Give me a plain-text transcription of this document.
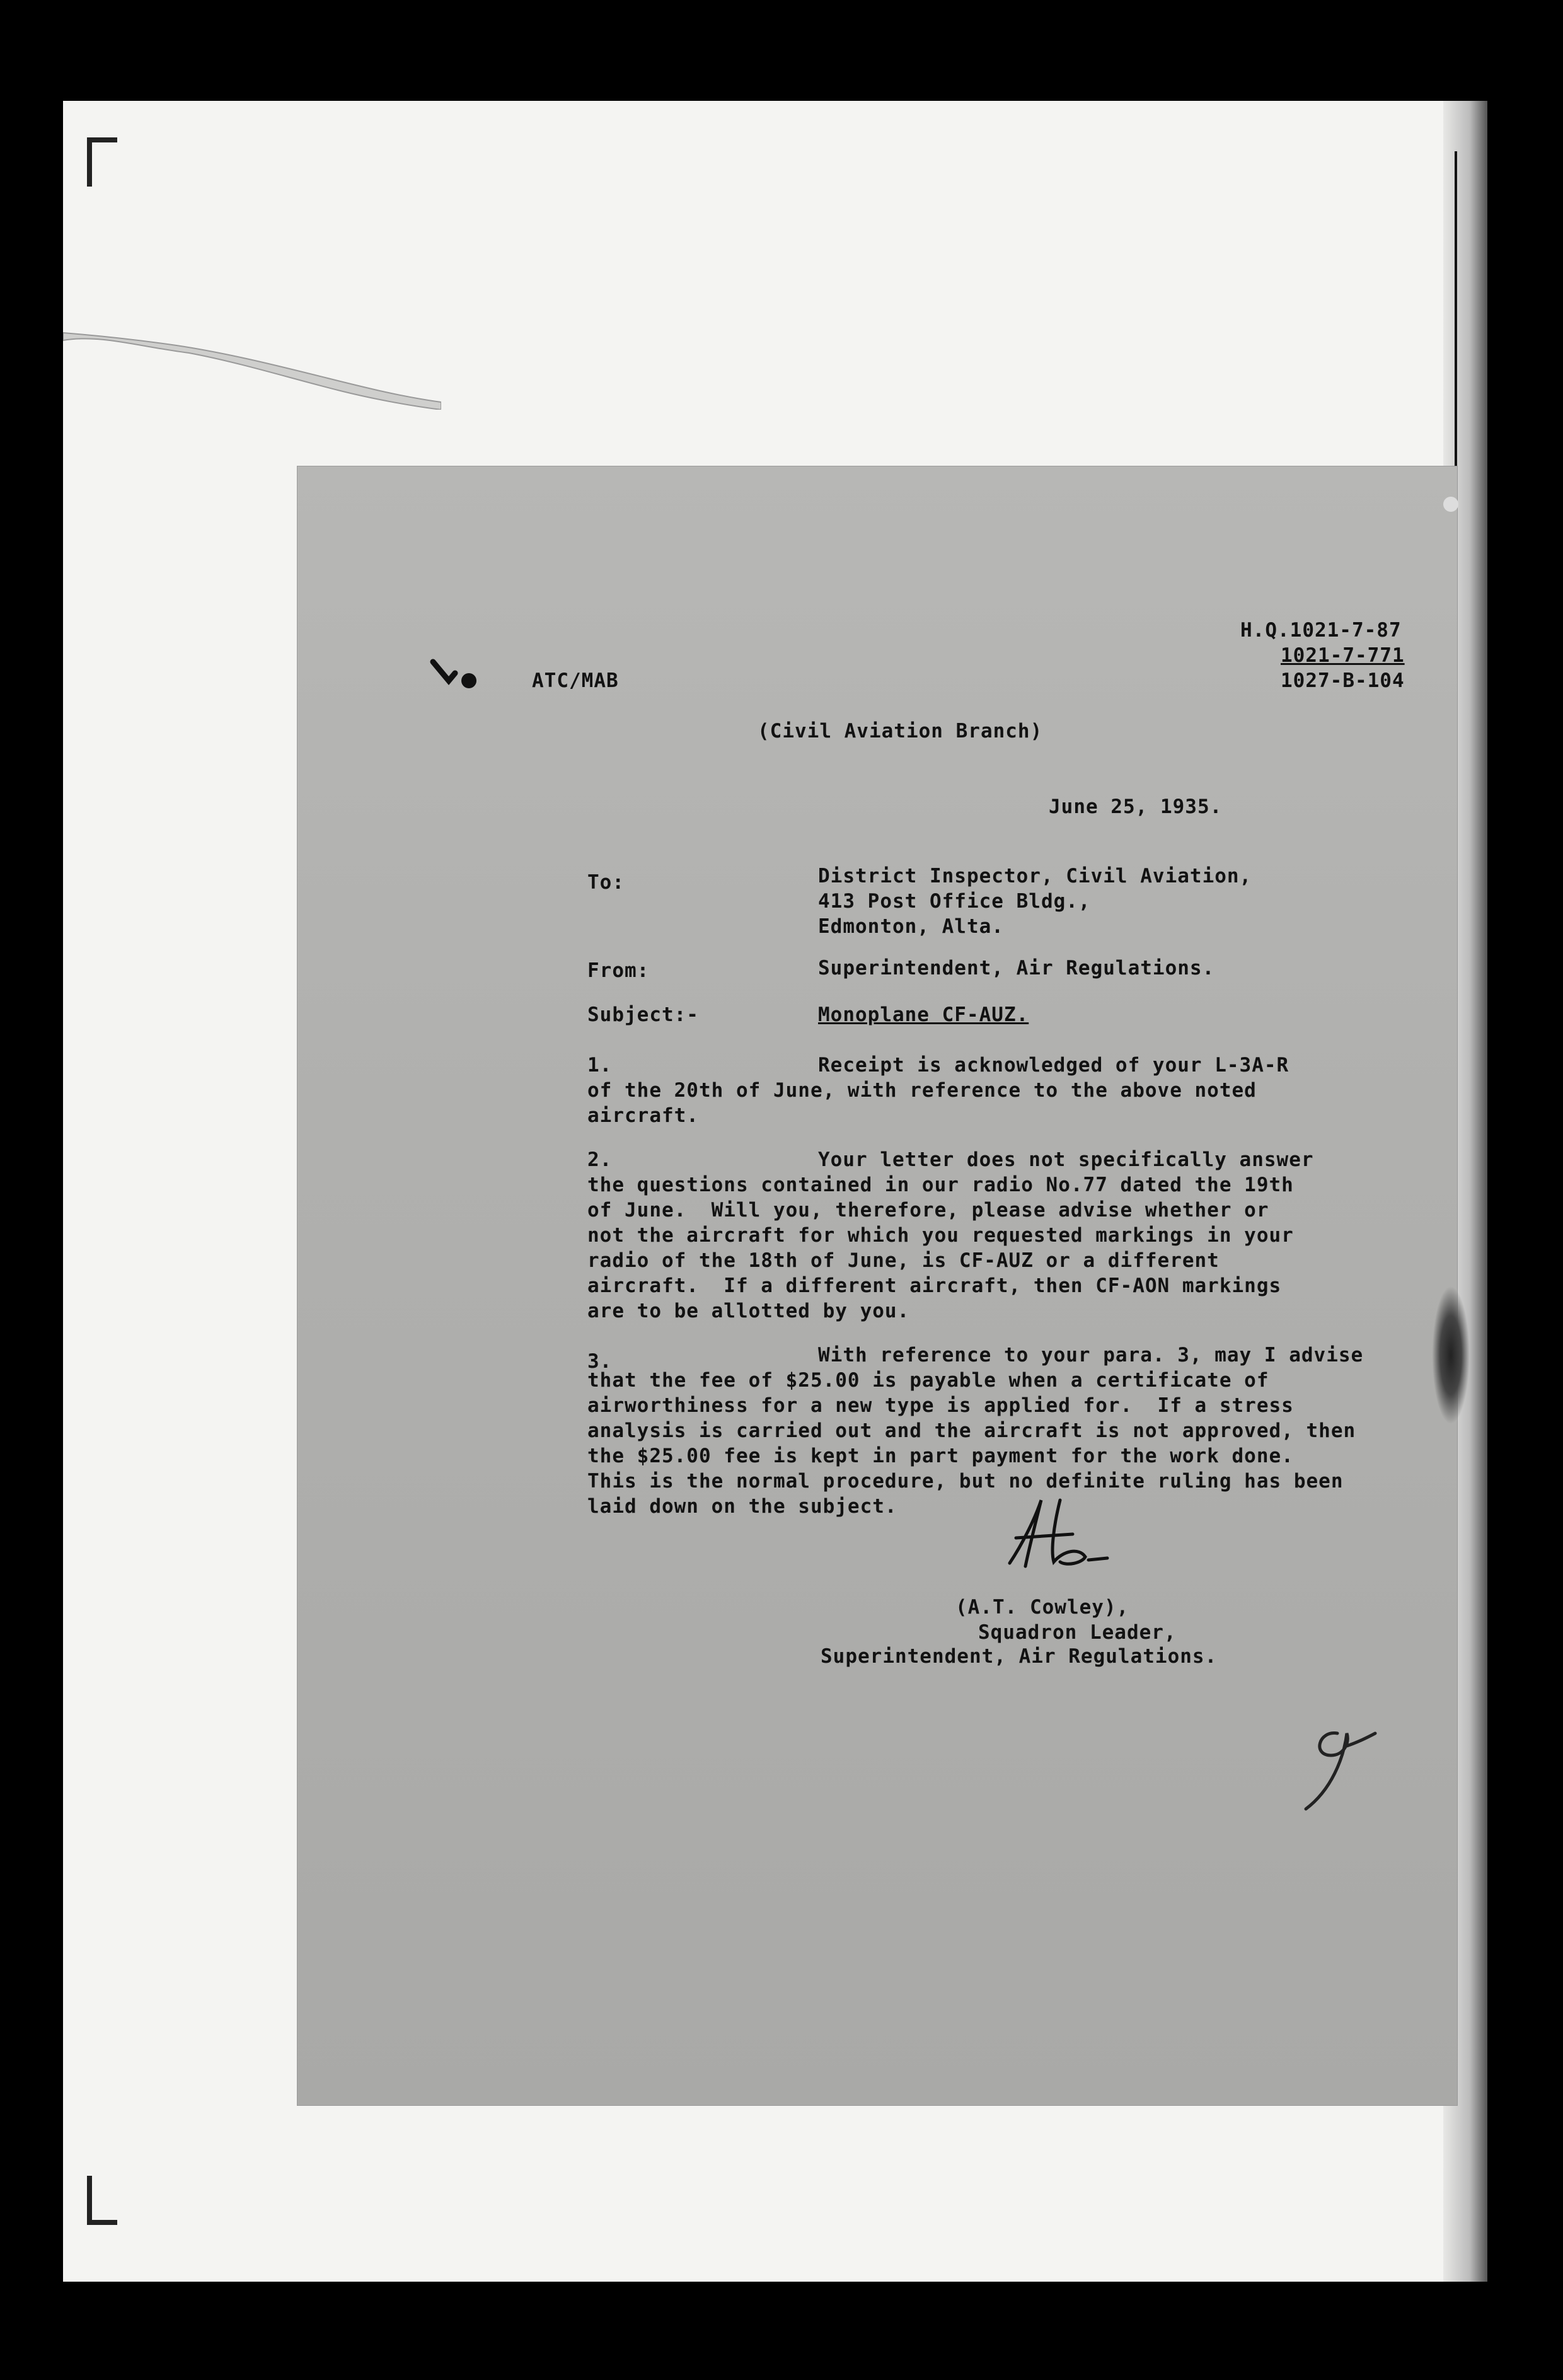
H.Q.1021-7-87
1021-7-771
1027-B-104
ATC/MAB
(Civil Aviation Branch)
June 25, 1935.
To:	District Inspector, Civil Aviation,
413 Post Office Bldg.,
Edmonton, Alta.
From:	Superintendent, Air Regulations.
Subject:-	Monoplane CF-AUZ.
1.	Receipt is acknowledged of your L-3A-R
of the 20th of June, with reference to the above noted
aircraft.
2.	Your letter does not specifically answer
the questions contained in our radio No.77 dated the 19th
of June.  Will you, therefore, please advise whether or
not the aircraft for which you requested markings in your
radio of the 18th of June, is CF-AUZ or a different
aircraft.  If a different aircraft, then CF-AON markings
are to be allotted by you.
3.	With reference to your para. 3, may I advise
that the fee of $25.00 is payable when a certificate of
airworthiness for a new type is applied for.  If a stress
analysis is carried out and the aircraft is not approved, then
the $25.00 fee is kept in part payment for the work done.
This is the normal procedure, but no definite ruling has been
laid down on the subject.
(A.T. Cowley),
Squadron Leader,
Superintendent, Air Regulations.
